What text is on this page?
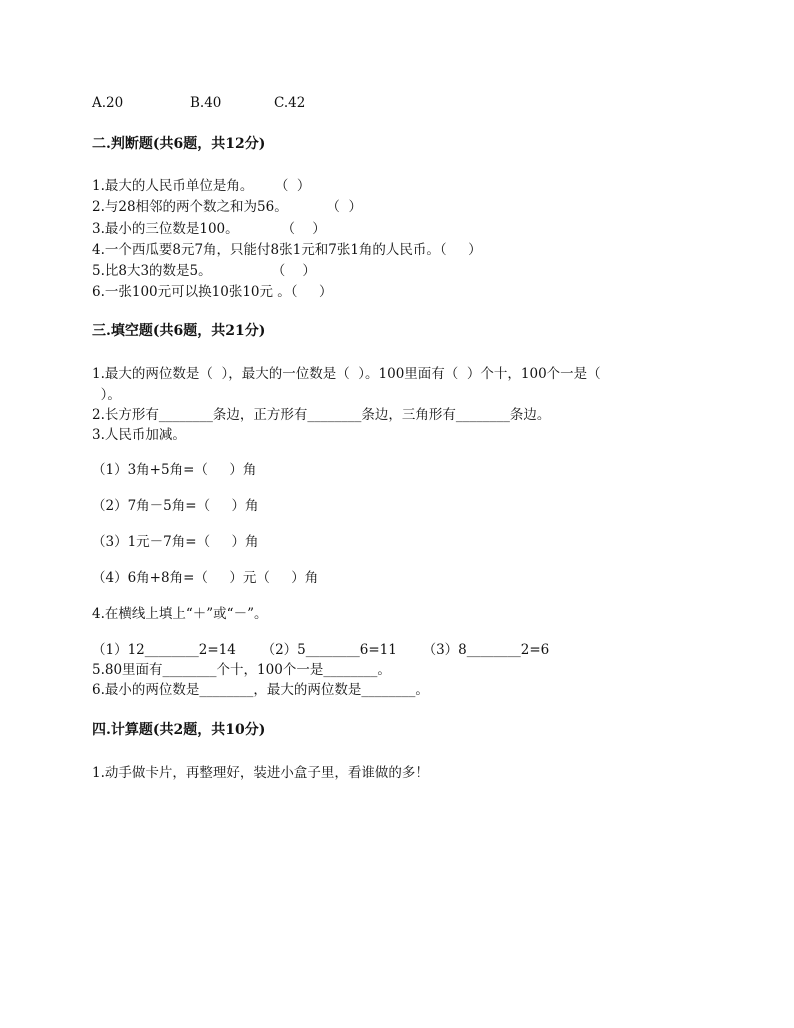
A.20	B.40	C.42
二.判断题(共6题，共12分)
1.最大的人民币单位是角。     （  ）
2.与28相邻的两个数之和为56。         （  ）
3.最小的三位数是100。          （    ）
4.一个西瓜要8元7角，只能付8张1元和7张1角的人民币。（     ）
5.比8大3的数是5。              （    ）
6.一张100元可以换10张10元 。（     ）
三.填空题(共6题，共21分)
1.最大的两位数是（  ），最大的一位数是（  ）。100里面有（  ）个十，100个一是（
）。
2.长方形有________条边，正方形有________条边，三角形有________条边。
3.人民币加减。
（1）3角+5角=（     ）角
（2）7角－5角=（     ）角
（3）1元－7角=（     ）角
（4）6角+8角=（     ）元（     ）角
4.在横线上填上“＋”或“－”。
（1）12________2=14      （2）5________6=11      （3）8________2=6
5.80里面有________个十，100个一是________。
6.最小的两位数是________，最大的两位数是________。
四.计算题(共2题，共10分)
1.动手做卡片，再整理好，装进小盒子里，看谁做的多！
